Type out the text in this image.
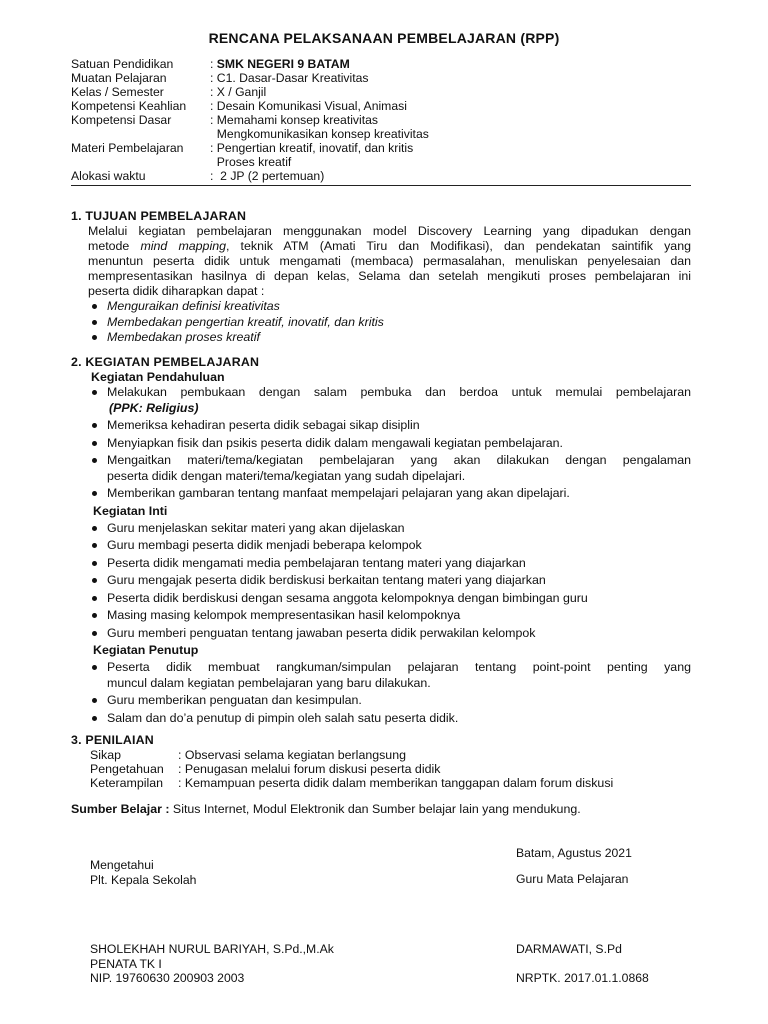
RENCANA PELAKSANAAN PEMBELAJARAN (RPP)
Satuan Pendidikan	: SMK NEGERI 9 BATAM
Muatan Pelajaran	: C1. Dasar-Dasar Kreativitas
Kelas / Semester	: X / Ganjil
Kompetensi Keahlian	: Desain Komunikasi Visual, Animasi
Kompetensi Dasar	: Memahami konsep kreativitas
Mengkomunikasikan konsep kreativitas
Materi Pembelajaran	: Pengertian kreatif, inovatif, dan kritis
Proses kreatif
Alokasi waktu	:  2 JP (2 pertemuan)
1. TUJUAN PEMBELAJARAN
Melalui kegiatan pembelajaran menggunakan model Discovery Learning yang dipadukan dengan
metode mind mapping, teknik ATM (Amati Tiru dan Modifikasi), dan pendekatan saintifik yang
menuntun peserta didik untuk mengamati (membaca) permasalahan, menuliskan penyelesaian dan
mempresentasikan hasilnya di depan kelas, Selama dan setelah mengikuti proses pembelajaran ini
peserta didik diharapkan dapat :
Menguraikan definisi kreativitas
Membedakan pengertian kreatif, inovatif, dan kritis
Membedakan proses kreatif
2. KEGIATAN PEMBELAJARAN
Kegiatan Pendahuluan
Melakukan pembukaan dengan salam pembuka dan berdoa untuk memulai pembelajaran
(PPK: Religius)
Memeriksa kehadiran peserta didik sebagai sikap disiplin
Menyiapkan fisik dan psikis peserta didik dalam mengawali kegiatan pembelajaran.
Mengaitkan materi/tema/kegiatan pembelajaran yang akan dilakukan dengan pengalaman
peserta didik dengan materi/tema/kegiatan yang sudah dipelajari.
Memberikan gambaran tentang manfaat mempelajari pelajaran yang akan dipelajari.
Kegiatan Inti
Guru menjelaskan sekitar materi yang akan dijelaskan
Guru membagi peserta didik menjadi beberapa kelompok
Peserta didik mengamati media pembelajaran tentang materi yang diajarkan
Guru mengajak peserta didik berdiskusi berkaitan tentang materi yang diajarkan
Peserta didik berdiskusi dengan sesama anggota kelompoknya dengan bimbingan guru
Masing masing kelompok mempresentasikan hasil kelompoknya
Guru memberi penguatan tentang jawaban peserta didik perwakilan kelompok
Kegiatan Penutup
Peserta didik membuat rangkuman/simpulan pelajaran tentang point-point penting yang
muncul dalam kegiatan pembelajaran yang baru dilakukan.
Guru memberikan penguatan dan kesimpulan.
Salam dan do’a penutup di pimpin oleh salah satu peserta didik.
3. PENILAIAN
Sikap	: Observasi selama kegiatan berlangsung
Pengetahuan	: Penugasan melalui forum diskusi peserta didik
Keterampilan	: Kemampuan peserta didik dalam memberikan tanggapan dalam forum diskusi
Sumber Belajar : Situs Internet, Modul Elektronik dan Sumber belajar lain yang mendukung.
Batam, Agustus 2021
Mengetahui
Plt. Kepala Sekolah	Guru Mata Pelajaran
SHOLEKHAH NURUL BARIYAH, S.Pd.,M.Ak
PENATA TK I
NIP. 19760630 200903 2003
DARMAWATI, S.Pd
NRPTK. 2017.01.1.0868
